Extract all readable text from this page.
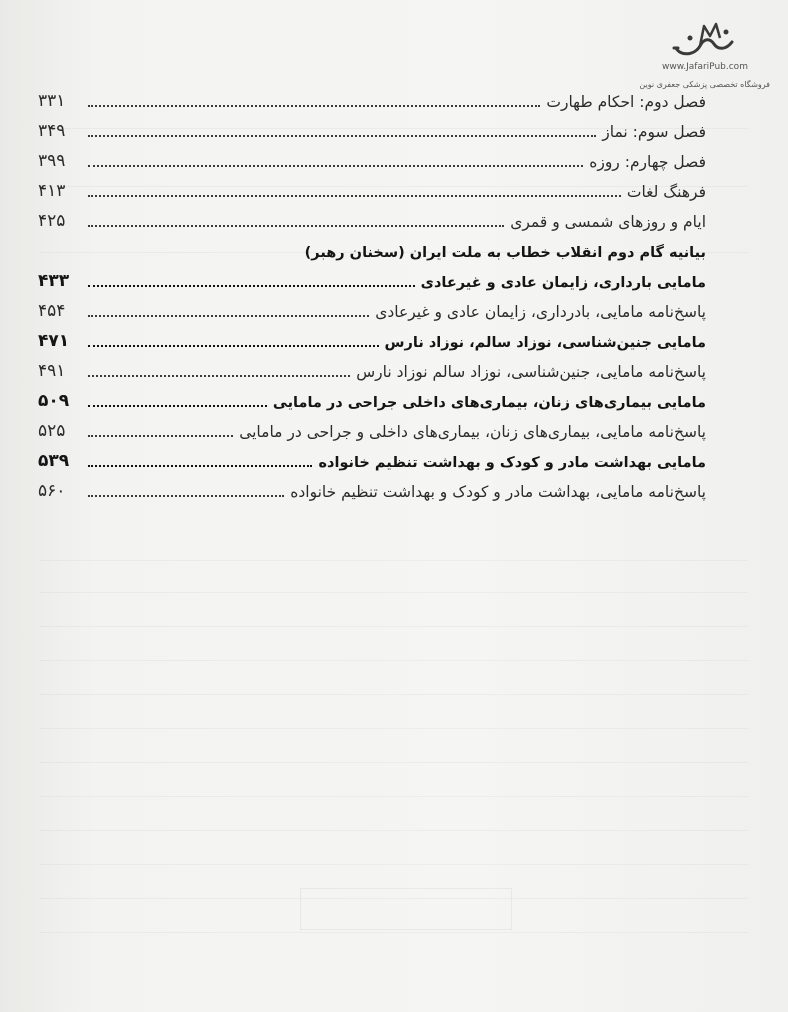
www.JafariPub.com
فروشگاه تخصصی پزشکی جعفری نوین
فصل دوم: احکام طهارت
۳۳۱
فصل سوم: نماز
۳۴۹
فصل چهارم: روزه
۳۹۹
فرهنگ لغات
۴۱۳
ایام و روزهای شمسی و قمری
۴۲۵
بیانیه گام دوم انقلاب خطاب به ملت ایران (سخنان رهبر)
مامایی بارداری، زایمان عادی و غیرعادی
۴۳۳
پاسخ‌نامه مامایی، بادرداری، زایمان عادی و غیرعادی
۴۵۴
مامایی جنین‌شناسی، نوزاد سالم، نوزاد نارس
۴۷۱
پاسخ‌نامه مامایی، جنین‌شناسی، نوزاد سالم نوزاد نارس
۴۹۱
مامایی بیماری‌های زنان، بیماری‌های داخلی جراحی در مامایی
۵۰۹
پاسخ‌نامه مامایی، بیماری‌های زنان، بیماری‌های داخلی و جراحی در مامایی
۵۲۵
مامایی بهداشت مادر و کودک و بهداشت تنظیم خانواده
۵۳۹
پاسخ‌نامه مامایی، بهداشت مادر و کودک و بهداشت تنظیم خانواده
۵۶۰
